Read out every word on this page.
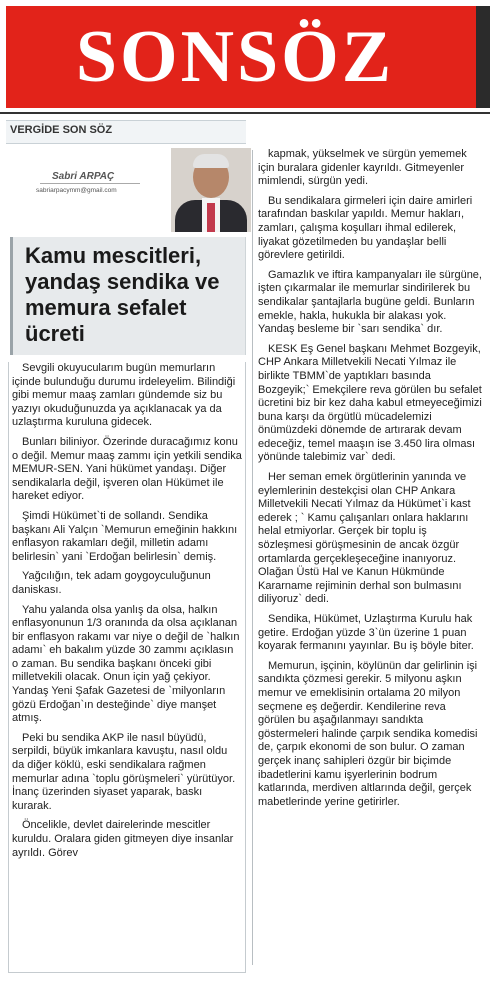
SONSÖZ
VERGİDE SON SÖZ
Sabri ARPAÇ
sabriarpacymm@gmail.com
Kamu mescitleri, yandaş sendika ve memura sefalet ücreti

Sevgili okuyucularım bugün memurların içinde bulunduğu durumu irdeleyelim. Bilindiği gibi memur maaş zamları gündemde siz bu yazıyı okuduğunuzda ya açıklanacak ya da uzlaştırma kuruluna gidecek.

Bunları biliniyor. Özerinde duracağımız konu o değil. Memur maaş zammı için yetkili sendika MEMUR-SEN. Yani hükümet yandaşı. Diğer sendikalarla değil, işveren olan Hükümet ile hareket ediyor.

Şimdi Hükümet`ti de sollandı. Sendika başkanı Ali Yalçın `Memurun emeğinin hakkını enflasyon rakamları değil, milletin adamı belirlesin` yani `Erdoğan belirlesin` demiş.

Yağcılığın, tek adam goygoyculuğunun daniskası.

Yahu yalanda olsa yanlış da olsa, halkın enflasyonunun 1/3 oranında da olsa açıklanan bir enflasyon rakamı var niye o değil de `halkın adamı` eh bakalım yüzde 30 zammı açıklasın o zaman. Bu sendika başkanı önceki gibi milletvekili olacak. Onun için yağ çekiyor. Yandaş Yeni Şafak Gazetesi de `milyonların gözü Erdoğan`ın desteğinde` diye manşet atmış.

Peki bu sendika AKP ile nasıl büyüdü, serpildi, büyük imkanlara kavuştu, nasıl oldu da diğer köklü, eski sendikalara rağmen memurlar adına `toplu görüşmeleri` yürütüyor. İnanç üzerinden siyaset yaparak, baskı kurarak.

Öncelikle, devlet dairelerinde mescitler kuruldu. Oralara giden gitmeyen diye insanlar ayrıldı. Görev

kapmak, yükselmek ve sürgün yememek için buralara gidenler kayrıldı. Gitmeyenler mimlendi, sürgün yedi.

Bu sendikalara girmeleri için daire amirleri tarafından baskılar yapıldı. Memur hakları, zamları, çalışma koşulları ihmal edilerek, liyakat gözetilmeden bu yandaşlar belli görevlere getirildi.

Gamazlık ve iftira kampanyaları ile sürgüne, işten çıkarmalar ile memurlar sindirilerek bu sendikalar şantajlarla bugüne geldi. Bunların emekle, hakla, hukukla bir alakası yok. Yandaş besleme bir `sarı sendika` dır.

KESK Eş Genel başkanı Mehmet Bozgeyik, CHP Ankara Milletvekili Necati Yılmaz ile birlikte TBMM`de yaptıkları basında Bozgeyik;` Emekçilere reva görülen bu sefalet ücretini biz bir kez daha kabul etmeyeceğimizi buna karşı da örgütlü mücadelemizi önümüzdeki dönemde de artırarak devam edeceğiz, temel maaşın ise 3.450 lira olması yönünde talebimiz var` dedi.

Her seman emek örgütlerinin yanında ve eylemlerinin destekçisi olan CHP Ankara Milletvekili Necati Yılmaz da Hükümet`i kast ederek ; ` Kamu çalışanları onlara haklarını helal etmiyorlar. Gerçek bir toplu iş sözleşmesi görüşmesinin de ancak özgür ortamlarda gerçekleşeceğine inanıyoruz. Olağan Üstü Hal ve Kanun Hükmünde Kararname rejiminin derhal son bulmasını diliyoruz` dedi.

Sendika, Hükümet, Uzlaştırma Kurulu hak getire. Erdoğan yüzde 3`ün üzerine 1 puan koyarak fermanını yayınlar. Bu iş böyle biter.

Memurun, işçinin, köylünün dar gelirlinin işi sandıkta çözmesi gerekir. 5 milyonu aşkın memur ve emeklisinin ortalama 20 milyon seçmene eş değerdir. Kendilerine reva görülen bu aşağılanmayı sandıkta göstermeleri halinde çarpık sendika komedisi de, çarpık ekonomi de son bulur. O zaman gerçek inanç sahipleri özgür bir biçimde ibadetlerini kamu işyerlerinin bodrum katlarında, merdiven altlarında değil, gerçek mabetlerinde yerine getirirler.
